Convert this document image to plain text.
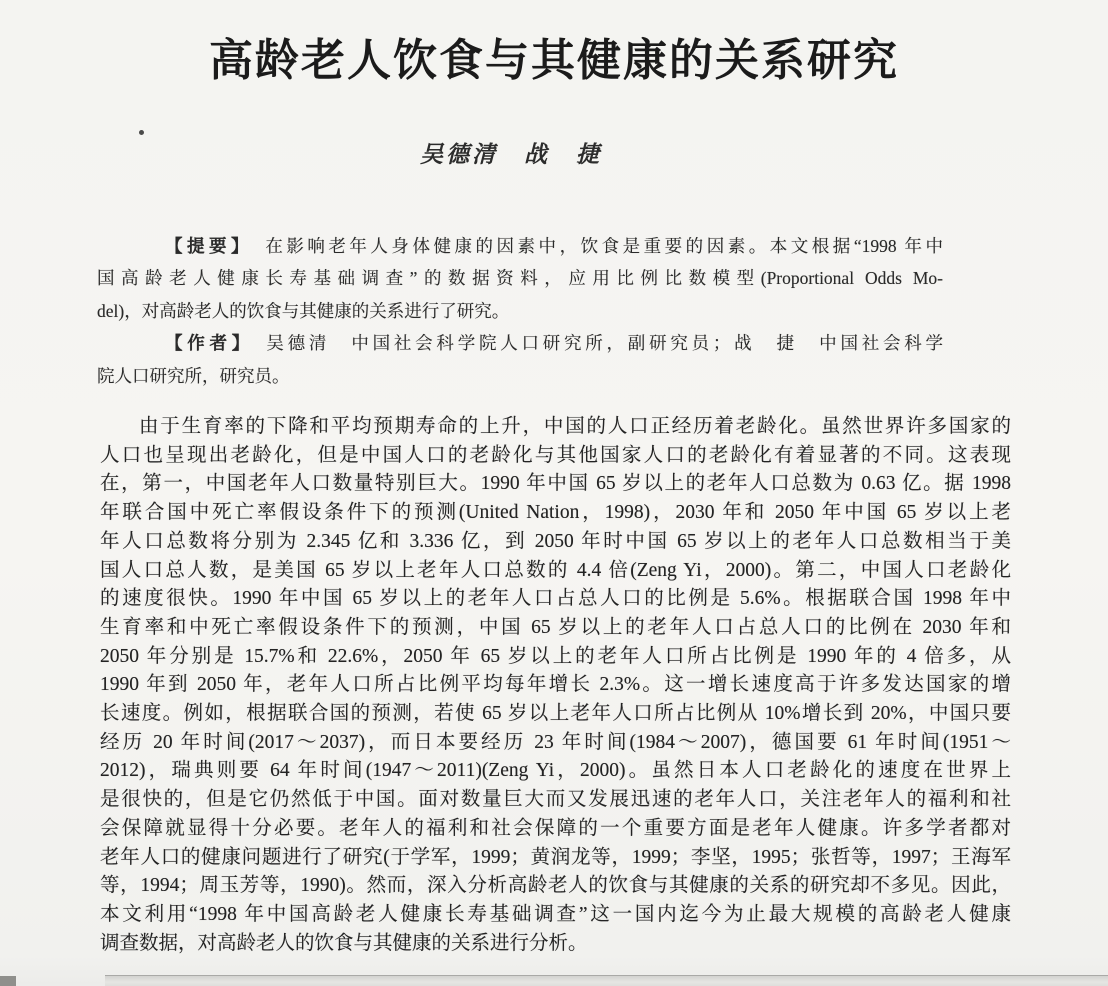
高龄老人饮食与其健康的关系研究
吴德清　战　捷
【提要】 在影响老年人身体健康的因素中，饮食是重要的因素。本文根据“1998 年中
国高龄老人健康长寿基础调查”的数据资料，应用比例比数模型(Proportional Odds Mo-
del)，对高龄老人的饮食与其健康的关系进行了研究。
【作者】 吴德清　中国社会科学院人口研究所，副研究员；战　捷　中国社会科学
院人口研究所，研究员。
由于生育率的下降和平均预期寿命的上升，中国的人口正经历着老龄化。虽然世界许多国家的
人口也呈现出老龄化，但是中国人口的老龄化与其他国家人口的老龄化有着显著的不同。这表现
在，第一，中国老年人口数量特别巨大。1990 年中国 65 岁以上的老年人口总数为 0.63 亿。据 1998
年联合国中死亡率假设条件下的预测(United Nation，1998)，2030 年和 2050 年中国 65 岁以上老
年人口总数将分别为 2.345 亿和 3.336 亿，到 2050 年时中国 65 岁以上的老年人口总数相当于美
国人口总人数，是美国 65 岁以上老年人口总数的 4.4 倍(Zeng Yi，2000)。第二，中国人口老龄化
的速度很快。1990 年中国 65 岁以上的老年人口占总人口的比例是 5.6%。根据联合国 1998 年中
生育率和中死亡率假设条件下的预测，中国 65 岁以上的老年人口占总人口的比例在 2030 年和
2050 年分别是 15.7%和 22.6%，2050 年 65 岁以上的老年人口所占比例是 1990 年的 4 倍多，从
1990 年到 2050 年，老年人口所占比例平均每年增长 2.3%。这一增长速度高于许多发达国家的增
长速度。例如，根据联合国的预测，若使 65 岁以上老年人口所占比例从 10%增长到 20%，中国只要
经历 20 年时间(2017～2037)，而日本要经历 23 年时间(1984～2007)，德国要 61 年时间(1951～
2012)，瑞典则要 64 年时间(1947～2011)(Zeng Yi，2000)。虽然日本人口老龄化的速度在世界上
是很快的，但是它仍然低于中国。面对数量巨大而又发展迅速的老年人口，关注老年人的福利和社
会保障就显得十分必要。老年人的福利和社会保障的一个重要方面是老年人健康。许多学者都对
老年人口的健康问题进行了研究(于学军，1999；黄润龙等，1999；李坚，1995；张哲等，1997；王海军
等，1994；周玉芳等，1990)。然而，深入分析高龄老人的饮食与其健康的关系的研究却不多见。因此，
本文利用“1998 年中国高龄老人健康长寿基础调查”这一国内迄今为止最大规模的高龄老人健康
调查数据，对高龄老人的饮食与其健康的关系进行分析。
